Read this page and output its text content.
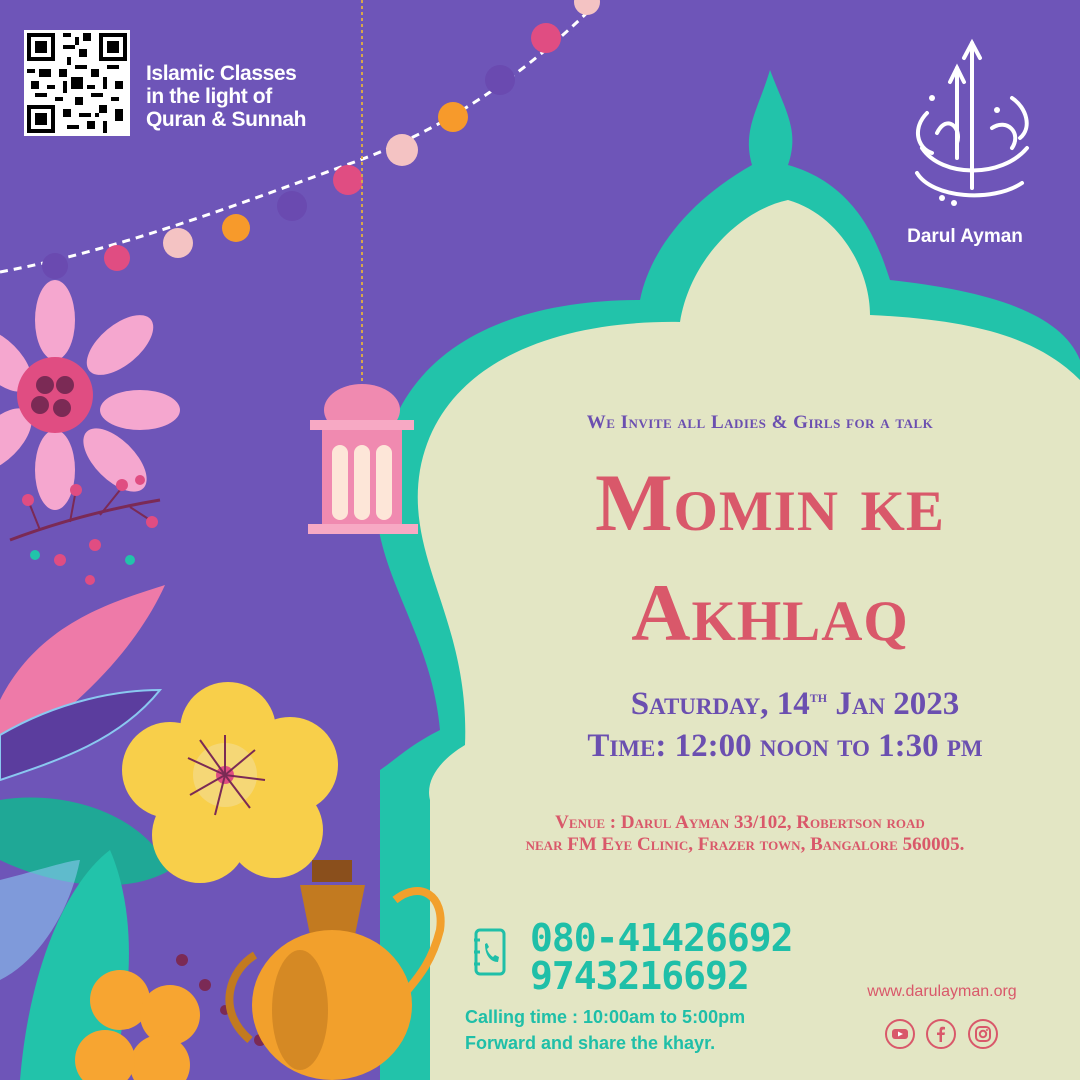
Islamic Classes
in the light of
Quran & Sunnah
Darul Ayman
We Invite all Ladies & Girls for a talk
Momin ke
Akhlaq
Saturday, 14th Jan 2023
Time: 12:00 noon to 1:30 pm
Venue : Darul Ayman 33/102, Robertson road
near FM Eye Clinic, Frazer town, Bangalore 560005.
080-41426692
9743216692
Calling time : 10:00am to 5:00pm
Forward and share the khayr.
www.darulayman.org
